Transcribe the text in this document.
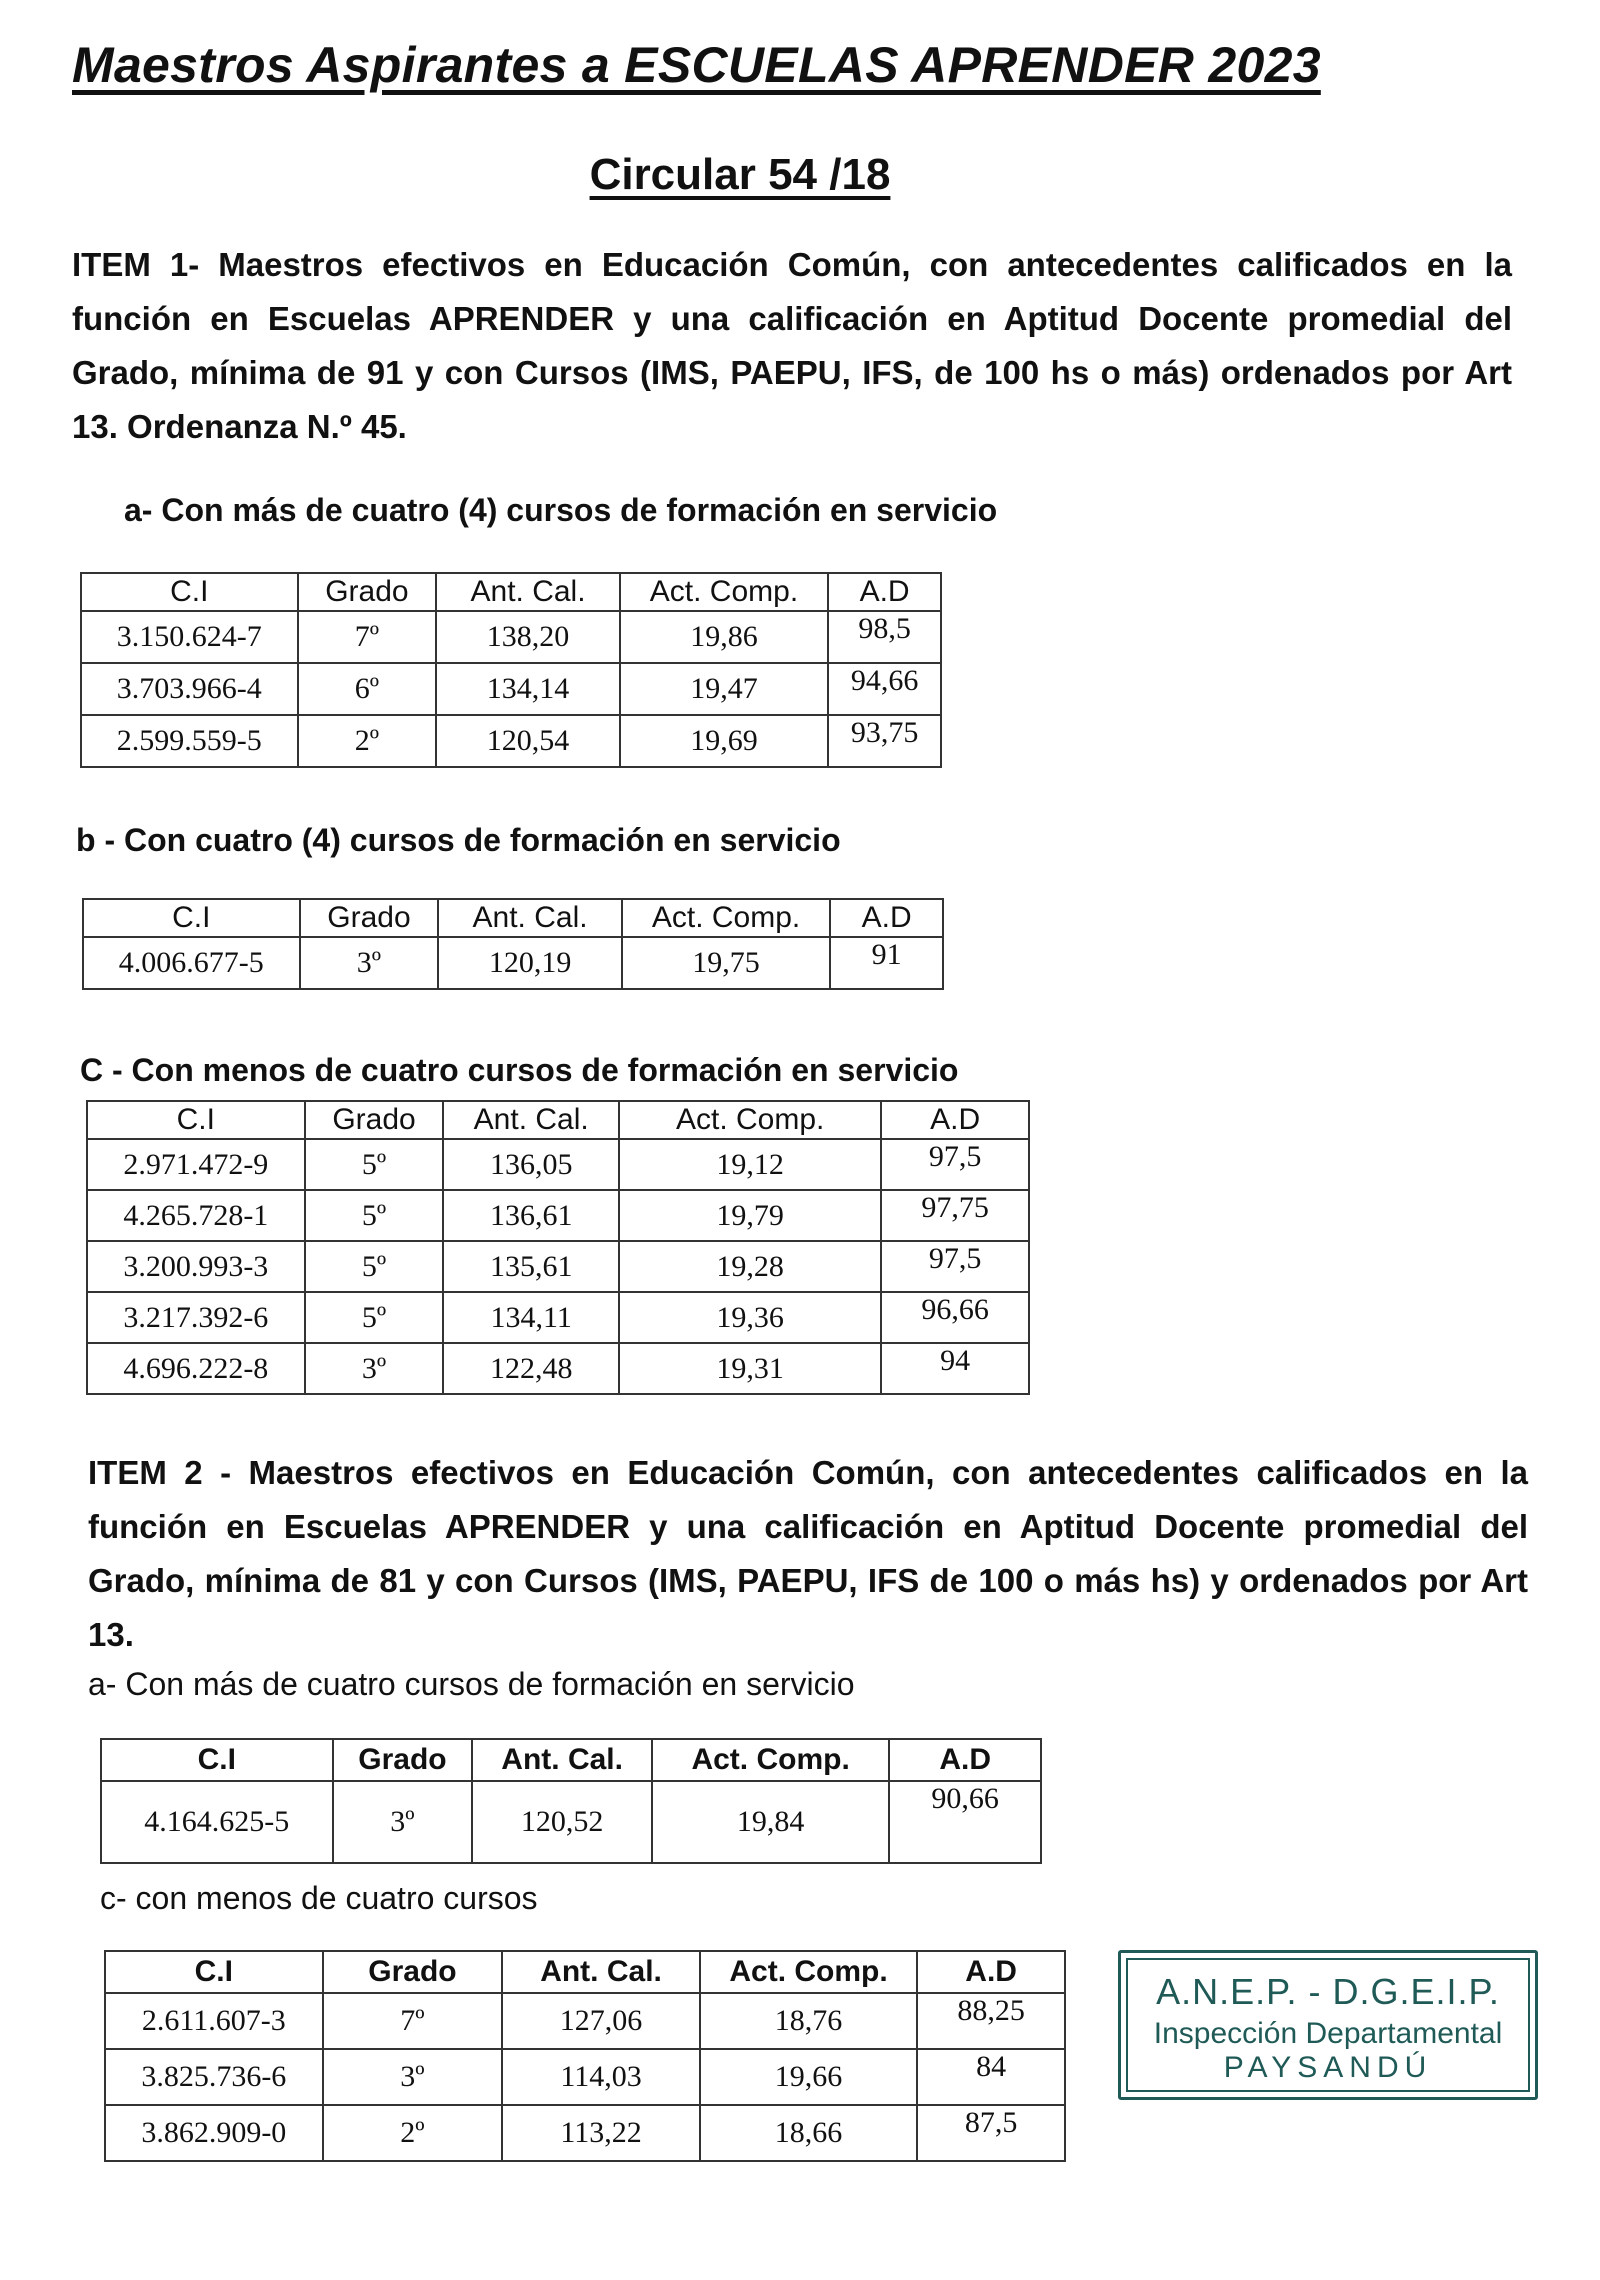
Maestros Aspirantes a ESCUELAS APRENDER 2023
Circular 54 /18
ITEM 1- Maestros efectivos en Educación Común, con antecedentes calificados en la función en Escuelas APRENDER y una calificación en Aptitud Docente promedial del Grado, mínima de 91 y con Cursos (IMS, PAEPU, IFS, de 100 hs o más) ordenados por Art 13. Ordenanza N.º 45.
a- Con más de cuatro (4) cursos de formación en servicio
C.I	Grado	Ant. Cal.	Act. Comp.	A.D
3.150.624-7	7º	138,20	19,86	98,5
3.703.966-4	6º	134,14	19,47	94,66
2.599.559-5	2º	120,54	19,69	93,75
b - Con cuatro (4) cursos de formación en servicio
C.I	Grado	Ant. Cal.	Act. Comp.	A.D
4.006.677-5	3º	120,19	19,75	91
C - Con menos de cuatro cursos de formación en servicio
C.I	Grado	Ant. Cal.	Act. Comp.	A.D
2.971.472-9	5º	136,05	19,12	97,5
4.265.728-1	5º	136,61	19,79	97,75
3.200.993-3	5º	135,61	19,28	97,5
3.217.392-6	5º	134,11	19,36	96,66
4.696.222-8	3º	122,48	19,31	94
ITEM 2 - Maestros efectivos en Educación Común, con antecedentes calificados en la función en Escuelas APRENDER y una calificación en Aptitud Docente promedial del Grado, mínima de 81 y con Cursos (IMS, PAEPU, IFS de 100 o más hs) y ordenados por Art 13.
a- Con más de cuatro cursos de formación en servicio
C.I	Grado	Ant. Cal.	Act. Comp.	A.D
4.164.625-5	3º	120,52	19,84	90,66
c- con menos de cuatro cursos
C.I	Grado	Ant. Cal.	Act. Comp.	A.D
2.611.607-3	7º	127,06	18,76	88,25
3.825.736-6	3º	114,03	19,66	84
3.862.909-0	2º	113,22	18,66	87,5
A.N.E.P. - D.G.E.I.P.
Inspección Departamental
PAYSANDÚ
